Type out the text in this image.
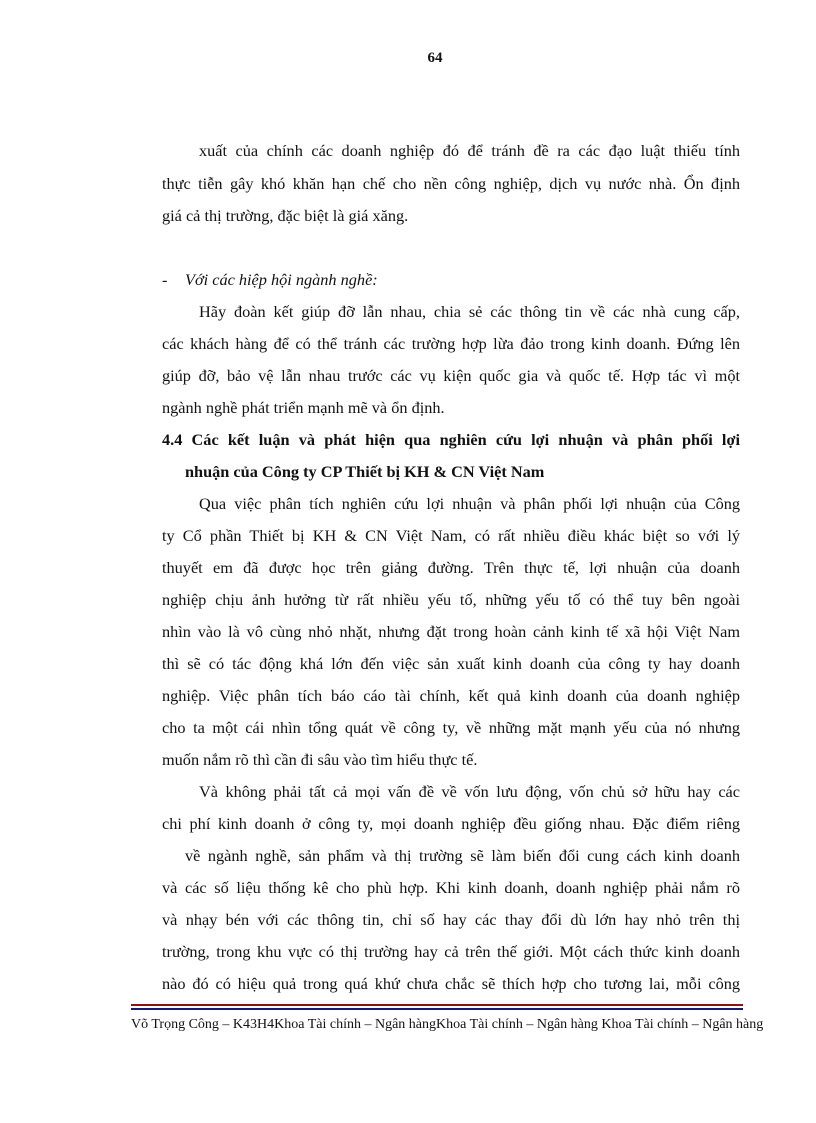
64
xuất của chính các doanh nghiệp đó để tránh đề ra các đạo luật thiếu tính
thực tiễn gây khó khăn hạn chế cho nền công nghiệp, dịch vụ nước nhà. Ổn định
giá cả thị trường, đặc biệt là giá xăng.
- Với các hiệp hội ngành nghề:
Hãy đoàn kết giúp đỡ lẫn nhau, chia sẻ các thông tin về các nhà cung cấp,
các khách hàng để có thể tránh các trường hợp lừa đảo trong kinh doanh. Đứng lên
giúp đỡ, bảo vệ lẫn nhau trước các vụ kiện quốc gia và quốc tế. Hợp tác vì một
ngành nghề phát triển mạnh mẽ và ổn định.
4.4 Các kết luận và phát hiện qua nghiên cứu lợi nhuận và phân phối lợi
nhuận của Công ty CP Thiết bị KH & CN Việt Nam
Qua việc phân tích nghiên cứu lợi nhuận và phân phối lợi nhuận của Công
ty Cổ phần Thiết bị KH & CN Việt Nam, có rất nhiều điều khác biệt so với lý
thuyết em đã được học trên giảng đường. Trên thực tế, lợi nhuận của doanh
nghiệp chịu ảnh hưởng từ rất nhiều yếu tố, những yếu tố có thể tuy bên ngoài
nhìn vào là vô cùng nhỏ nhặt, nhưng đặt trong hoàn cảnh kinh tế xã hội Việt Nam
thì sẽ có tác động khá lớn đến việc sản xuất kinh doanh của công ty hay doanh
nghiệp. Việc phân tích báo cáo tài chính, kết quả kinh doanh của doanh nghiệp
cho ta một cái nhìn tổng quát về công ty, về những mặt mạnh yếu của nó nhưng
muốn nắm rõ thì cần đi sâu vào tìm hiểu thực tế.
Và không phải tất cả mọi vấn đề về vốn lưu động, vốn chủ sở hữu hay các
chi phí kinh doanh ở công ty, mọi doanh nghiệp đều giống nhau. Đặc điểm riêng
về ngành nghề, sản phẩm và thị trường sẽ làm biến đổi cung cách kinh doanh
và các số liệu thống kê cho phù hợp. Khi kinh doanh, doanh nghiệp phải nắm rõ
và nhạy bén với các thông tin, chỉ số hay các thay đổi dù lớn hay nhỏ trên thị
trường, trong khu vực có thị trường hay cả trên thế giới. Một cách thức kinh doanh
nào đó có hiệu quả trong quá khứ chưa chắc sẽ thích hợp cho tương lai, mỗi công
Võ Trọng Công – K43H4Khoa Tài chính – Ngân hàngKhoa Tài chính – Ngân hàng Khoa Tài chính – Ngân hàng
